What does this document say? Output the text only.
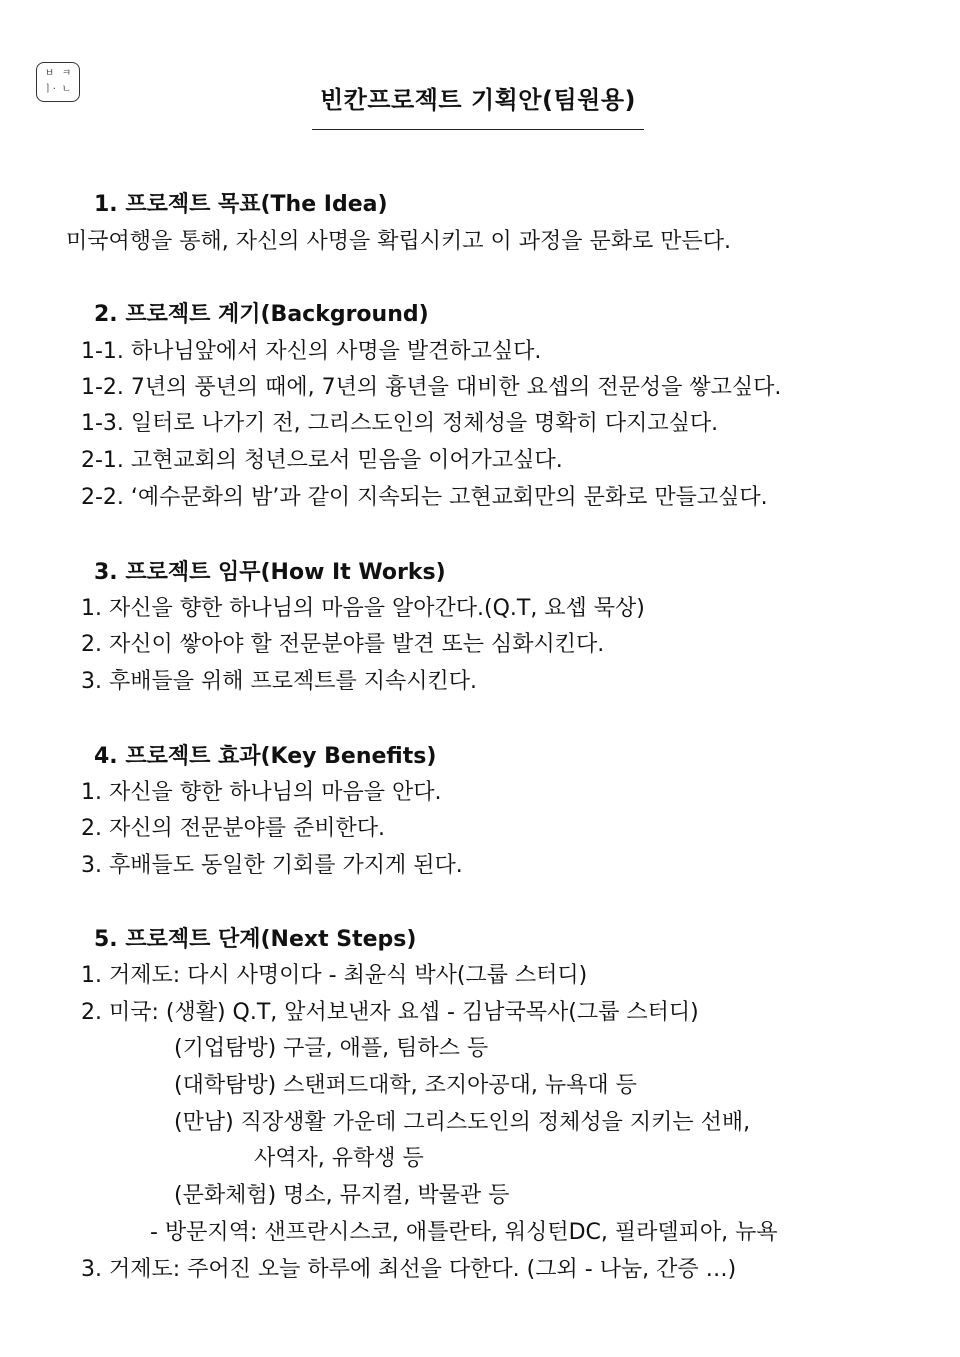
ㅂ ㅋ
ㅣ· ㄴ	빈칸프로젝트 기획안(팀원용)
1. 프로젝트 목표(The Idea)
미국여행을 통해, 자신의 사명을 확립시키고 이 과정을 문화로 만든다.
2. 프로젝트 계기(Background)
1-1. 하나님앞에서 자신의 사명을 발견하고싶다.
1-2. 7년의 풍년의 때에, 7년의 흉년을 대비한 요셉의 전문성을 쌓고싶다.
1-3. 일터로 나가기 전, 그리스도인의 정체성을 명확히 다지고싶다.
2-1. 고현교회의 청년으로서 믿음을 이어가고싶다.
2-2. ‘예수문화의 밤’과 같이 지속되는 고현교회만의 문화로 만들고싶다.
3. 프로젝트 임무(How It Works)
1. 자신을 향한 하나님의 마음을 알아간다.(Q.T, 요셉 묵상)
2. 자신이 쌓아야 할 전문분야를 발견 또는 심화시킨다.
3. 후배들을 위해 프로젝트를 지속시킨다.
4. 프로젝트 효과(Key Benefits)
1. 자신을 향한 하나님의 마음을 안다.
2. 자신의 전문분야를 준비한다.
3. 후배들도 동일한 기회를 가지게 된다.
5. 프로젝트 단계(Next Steps)
1. 거제도: 다시 사명이다 - 최윤식 박사(그룹 스터디)
2. 미국: (생활) Q.T, 앞서보낸자 요셉 - 김남국목사(그룹 스터디)
(기업탐방) 구글, 애플, 팀하스 등
(대학탐방) 스탠퍼드대학, 조지아공대, 뉴욕대 등
(만남) 직장생활 가운데 그리스도인의 정체성을 지키는 선배,
사역자, 유학생 등
(문화체험) 명소, 뮤지컬, 박물관 등
- 방문지역: 샌프란시스코, 애틀란타, 워싱턴DC, 필라델피아, 뉴욕
3. 거제도: 주어진 오늘 하루에 최선을 다한다. (그외 - 나눔, 간증 …)
